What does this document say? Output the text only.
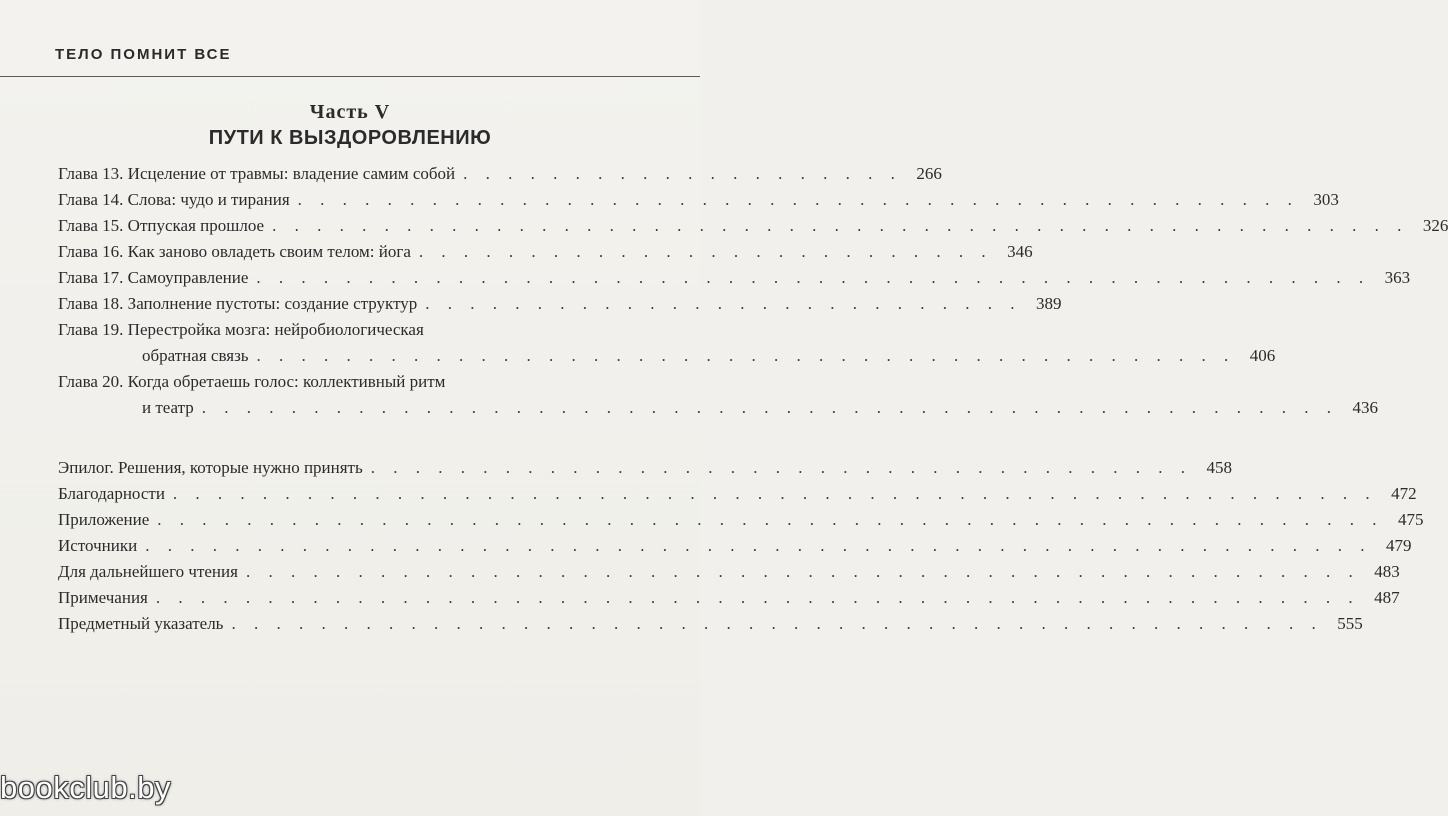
ТЕЛО ПОМНИТ ВСЕ
Часть V
ПУТИ К ВЫЗДОРОВЛЕНИЮ
Глава 13. Исцеление от травмы: владение самим собой . . . . . . . . . . . . . . . . . . . . 266
Глава 14. Слова: чудо и тирания . . . . . . . . . . . . . . . . . . . . . . . . . . . . . . . . . . . . . . . . . . . . . 303
Глава 15. Отпуская прошлое . . . . . . . . . . . . . . . . . . . . . . . . . . . . . . . . . . . . . . . . . . . . . . . . . . . 326
Глава 16. Как заново овладеть своим телом: йога . . . . . . . . . . . . . . . . . . . . . . . . . . 346
Глава 17. Самоуправление . . . . . . . . . . . . . . . . . . . . . . . . . . . . . . . . . . . . . . . . . . . . . . . . . . 363
Глава 18. Заполнение пустоты: создание структур . . . . . . . . . . . . . . . . . . . . . . . . . . . 389
Глава 19. Перестройка мозга: нейробиологическая
обратная связь . . . . . . . . . . . . . . . . . . . . . . . . . . . . . . . . . . . . . . . . . . . . 406
Глава 20. Когда обретаешь голос: коллективный ритм
и театр . . . . . . . . . . . . . . . . . . . . . . . . . . . . . . . . . . . . . . . . . . . . . . . . . . . 436
Эпилог. Решения, которые нужно принять . . . . . . . . . . . . . . . . . . . . . . . . . . . . . . . . . . . . . 458
Благодарности . . . . . . . . . . . . . . . . . . . . . . . . . . . . . . . . . . . . . . . . . . . . . . . . . . . . . . 472
Приложение . . . . . . . . . . . . . . . . . . . . . . . . . . . . . . . . . . . . . . . . . . . . . . . . . . . . . . . 475
Источники . . . . . . . . . . . . . . . . . . . . . . . . . . . . . . . . . . . . . . . . . . . . . . . . . . . . . . . 479
Для дальнейшего чтения . . . . . . . . . . . . . . . . . . . . . . . . . . . . . . . . . . . . . . . . . . . . . . . . . . 483
Примечания . . . . . . . . . . . . . . . . . . . . . . . . . . . . . . . . . . . . . . . . . . . . . . . . . . . . . . 487
Предметный указатель . . . . . . . . . . . . . . . . . . . . . . . . . . . . . . . . . . . . . . . . . . . . . . . . . 555
bookclub.by
